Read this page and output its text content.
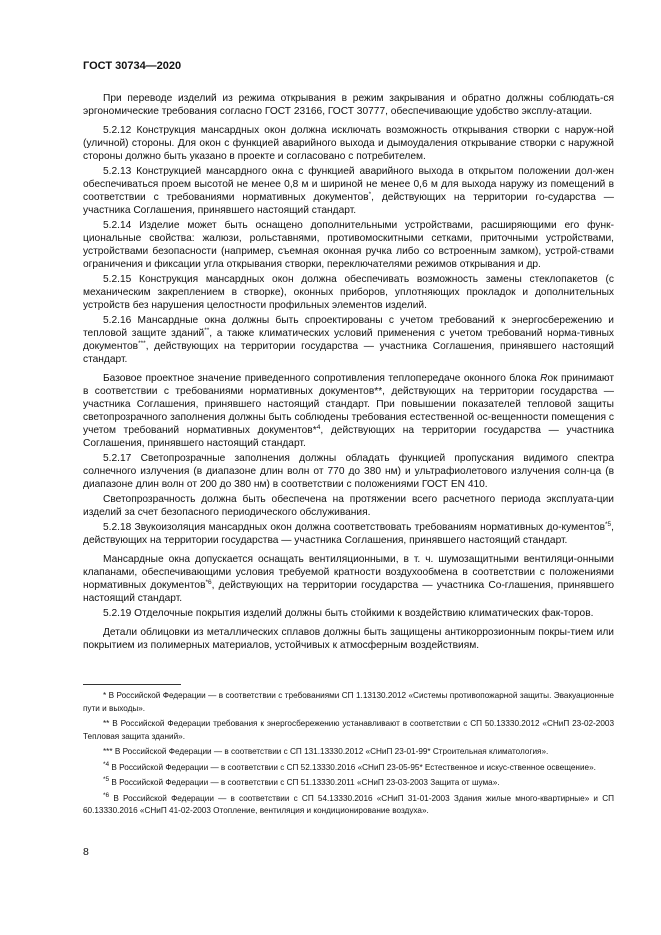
ГОСТ 30734—2020

При переводе изделий из режима открывания в режим закрывания и обратно должны соблюдать-ся эргономические требования согласно ГОСТ 23166, ГОСТ 30777, обеспечивающие удобство эксплу-атации.

5.2.12 Конструкция мансардных окон должна исключать возможность открывания створки с наруж-ной (уличной) стороны. Для окон с функцией аварийного выхода и дымоудаления открывание створки с наружной стороны должно быть указано в проекте и согласовано с потребителем.

5.2.13 Конструкцией мансардного окна с функцией аварийного выхода в открытом положении дол-жен обеспечиваться проем высотой не менее 0,8 м и шириной не менее 0,6 м для выхода наружу из помещений в соответствии с требованиями нормативных документов*, действующих на территории го-сударства — участника Соглашения, принявшего настоящий стандарт.

5.2.14 Изделие может быть оснащено дополнительными устройствами, расширяющими его функ-циональные свойства: жалюзи, рольставнями, противомоскитными сетками, приточными устройствами, устройствами безопасности (например, съемная оконная ручка либо со встроенным замком), устрой-ствами ограничения и фиксации угла открывания створки, переключателями режимов открывания и др.

5.2.15 Конструкция мансардных окон должна обеспечивать возможность замены стеклопакетов (с механическим закреплением в створке), оконных приборов, уплотняющих прокладок и дополнительных устройств без нарушения целостности профильных элементов изделий.

5.2.16 Мансардные окна должны быть спроектированы с учетом требований к энергосбережению и тепловой защите зданий**, а также климатических условий применения с учетом требований норма-тивных документов***, действующих на территории государства — участника Соглашения, принявшего настоящий стандарт.

Базовое проектное значение приведенного сопротивления теплопередаче оконного блока Rок принимают в соответствии с требованиями нормативных документов**, действующих на территории государства — участника Соглашения, принявшего настоящий стандарт. При повышении показателей тепловой защиты светопрозрачного заполнения должны быть соблюдены требования естественной ос-вещенности помещения с учетом требований нормативных документов*$^4$, действующих на территории государства — участника Соглашения, принявшего настоящий стандарт.

5.2.17 Светопрозрачные заполнения должны обладать функцией пропускания видимого спектра солнечного излучения (в диапазоне длин волн от 770 до 380 нм) и ультрафиолетового излучения солн-ца (в диапазоне длин волн от 200 до 380 нм) в соответствии с положениями ГОСТ EN 410.

Светопрозрачность должна быть обеспечена на протяжении всего расчетного периода эксплуата-ции изделий за счет безопасного периодического обслуживания.

5.2.18 Звукоизоляция мансардных окон должна соответствовать требованиям нормативных до-кументов$^{*5}$, действующих на территории государства — участника Соглашения, принявшего настоящий стандарт.

Мансардные окна допускается оснащать вентиляционными, в т. ч. шумозащитными вентиляци-онными клапанами, обеспечивающими условия требуемой кратности воздухообмена в соответствии с положениями нормативных документов$^{*6}$, действующих на территории государства — участника Со-глашения, принявшего настоящий стандарт.

5.2.19 Отделочные покрытия изделий должны быть стойкими к воздействию климатических фак-торов.

Детали облицовки из металлических сплавов должны быть защищены антикоррозионным покры-тием или покрытием из полимерных материалов, устойчивых к атмосферным воздействиям.

* В Российской Федерации — в соответствии с требованиями СП 1.13130.2012 «Системы противопожарной защиты. Эвакуационные пути и выходы».

** В Российской Федерации требования к энергосбережению устанавливают в соответствии с СП 50.13330.2012 «СНиП 23-02-2003 Тепловая защита зданий».

*** В Российской Федерации — в соответствии с СП 131.13330.2012 «СНиП 23-01-99* Строительная климатология».

$^{*4}$ В Российской Федерации — в соответствии с СП 52.13330.2016 «СНиП 23-05-95* Естественное и искус-ственное освещение».

$^{*5}$ В Российской Федерации — в соответствии с СП 51.13330.2011 «СНиП 23-03-2003 Защита от шума».

$^{*6}$ В Российской Федерации — в соответствии с СП 54.13330.2016 «СНиП 31-01-2003 Здания жилые много-квартирные» и СП 60.13330.2016 «СНиП 41-02-2003 Отопление, вентиляция и кондиционирование воздуха».

8
